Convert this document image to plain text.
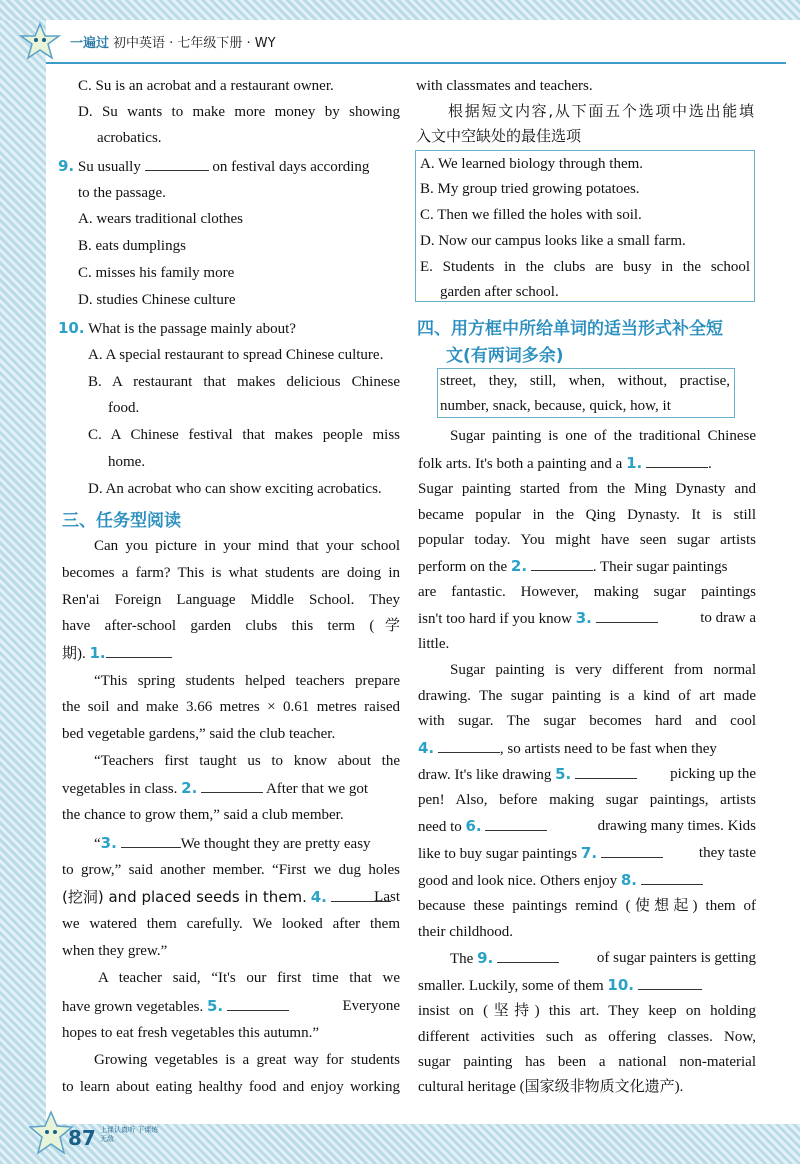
一遍过 初中英语 · 七年级下册 · WY
C. Su is an acrobat and a restaurant owner.
D. Su wants to make more money by showing
acrobatics.
9. Su usually	on festival days according
to the passage.
A. wears traditional clothes
B. eats dumplings
C. misses his family more
D. studies Chinese culture
10. What is the passage mainly about?
A. A special restaurant to spread Chinese culture.
B. A restaurant that makes delicious Chinese
food.
C. A Chinese festival that makes people miss
home.
D. An acrobat who can show exciting acrobatics.
三、任务型阅读
Can you picture in your mind that your school
becomes a farm? This is what students are doing in
Ren'ai Foreign Language Middle School. They
have after-school garden clubs this term (学
期). 1.
“This spring students helped teachers prepare
the soil and make 3.66 metres × 0.61 metres raised
bed vegetable gardens,” said the club teacher.
“Teachers first taught us to know about the
vegetables in class. 2.	After that we got
the chance to grow them,” said a club member.
“3.	We thought they are pretty easy
to grow,” said another member. “First we dug holes
(挖洞) and placed seeds in them. 4.	Last
we watered them carefully. We looked after them
when they grew.”
A teacher said, “It's our first time that we
have grown vegetables. 5.	Everyone
hopes to eat fresh vegetables this autumn.”
Growing vegetables is a great way for students
to learn about eating healthy food and enjoy working
with classmates and teachers.
根据短文内容,从下面五个选项中选出能填
入文中空缺处的最佳选项
A. We learned biology through them.
B. My group tried growing potatoes.
C. Then we filled the holes with soil.
D. Now our campus looks like a small farm.
E. Students in the clubs are busy in the school
garden after school.
四、用方框中所给单词的适当形式补全短
文(有两词多余)
street, they, still, when, without, practise,
number, snack, because, quick, how, it
Sugar painting is one of the traditional Chinese
folk arts. It's both a painting and a 1.	.
Sugar painting started from the Ming Dynasty and
became popular in the Qing Dynasty. It is still
popular today. You might have seen sugar artists
perform on the 2.	. Their sugar paintings
are fantastic. However, making sugar paintings
isn't too hard if you know 3.	to draw a
little.
Sugar painting is very different from normal
drawing. The sugar painting is a kind of art made
with sugar. The sugar becomes hard and cool
4.	, so artists need to be fast when they
draw. It's like drawing 5.	picking up the
pen! Also, before making sugar paintings, artists
need to 6.	drawing many times. Kids
like to buy sugar paintings 7.	they taste
good and look nice. Others enjoy 8.
because these paintings remind (使想起) them of
their childhood.
The 9.	of sugar painters is getting
smaller. Luckily, some of them 10.
insist on (坚持) this art. They keep on holding
different activities such as offering classes. Now,
sugar painting has been a national non-material
cultural heritage (国家级非物质文化遗产).
87 上课认真听 下课练无敌
